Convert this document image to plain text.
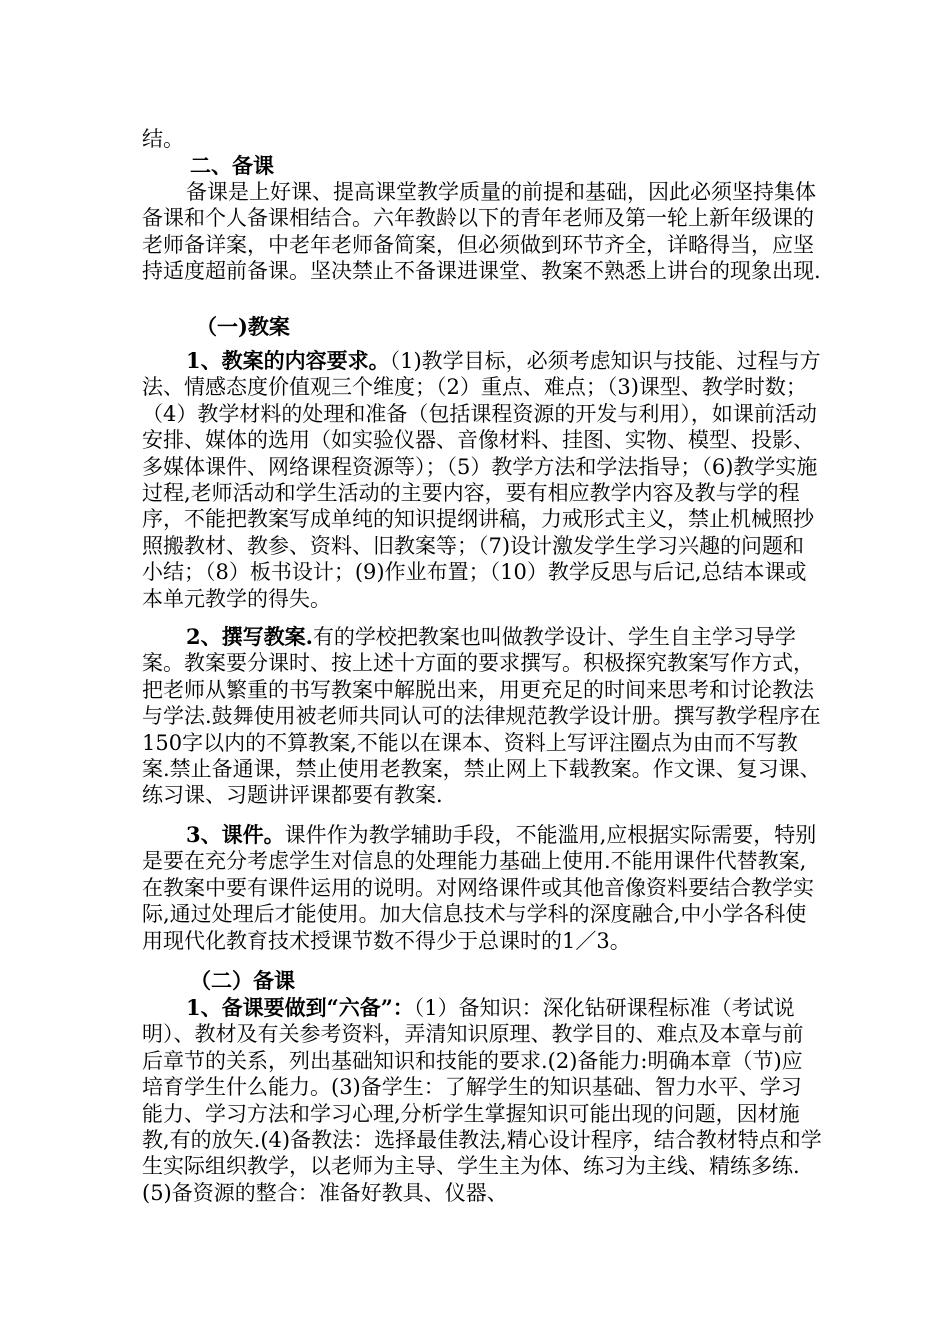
结。

二、备课

备课是上好课、提高课堂教学质量的前提和基础，因此必须坚持集体备课和个人备课相结合。六年教龄以下的青年老师及第一轮上新年级课的老师备详案，中老年老师备简案，但必须做到环节齐全，详略得当，应坚持适度超前备课。坚决禁止不备课进课堂、教案不熟悉上讲台的现象出现.

（一)教案

1、教案的内容要求。（1)教学目标，必须考虑知识与技能、过程与方法、情感态度价值观三个维度；（2）重点、难点；（3)课型、教学时数；（4）教学材料的处理和准备（包括课程资源的开发与利用），如课前活动安排、媒体的选用（如实验仪器、音像材料、挂图、实物、模型、投影、多媒体课件、网络课程资源等）；（5）教学方法和学法指导；（6)教学实施过程,老师活动和学生活动的主要内容，要有相应教学内容及教与学的程序，不能把教案写成单纯的知识提纲讲稿，力戒形式主义，禁止机械照抄照搬教材、教参、资料、旧教案等；（7)设计激发学生学习兴趣的问题和小结；（8）板书设计；(9)作业布置；（10）教学反思与后记,总结本课或本单元教学的得失。

2、撰写教案.有的学校把教案也叫做教学设计、学生自主学习导学案。教案要分课时、按上述十方面的要求撰写。积极探究教案写作方式，把老师从繁重的书写教案中解脱出来，用更充足的时间来思考和讨论教法与学法.鼓舞使用被老师共同认可的法律规范教学设计册。撰写教学程序在150字以内的不算教案,不能以在课本、资料上写评注圈点为由而不写教案.禁止备通课，禁止使用老教案，禁止网上下载教案。作文课、复习课、练习课、习题讲评课都要有教案.

3、课件。课件作为教学辅助手段，不能滥用,应根据实际需要，特别是要在充分考虑学生对信息的处理能力基础上使用.不能用课件代替教案,在教案中要有课件运用的说明。对网络课件或其他音像资料要结合教学实际,通过处理后才能使用。加大信息技术与学科的深度融合,中小学各科使用现代化教育技术授课节数不得少于总课时的1／3。

（二）备课

1、备课要做到“六备”：（1）备知识：深化钻研课程标准（考试说明）、教材及有关参考资料，弄清知识原理、教学目的、难点及本章与前后章节的关系，列出基础知识和技能的要求.(2)备能力:明确本章（节)应培育学生什么能力。(3)备学生：了解学生的知识基础、智力水平、学习能力、学习方法和学习心理,分析学生掌握知识可能出现的问题，因材施教,有的放矢.(4)备教法：选择最佳教法,精心设计程序，结合教材特点和学生实际组织教学，以老师为主导、学生主为体、练习为主线、精练多练.(5)备资源的整合：准备好教具、仪器、
